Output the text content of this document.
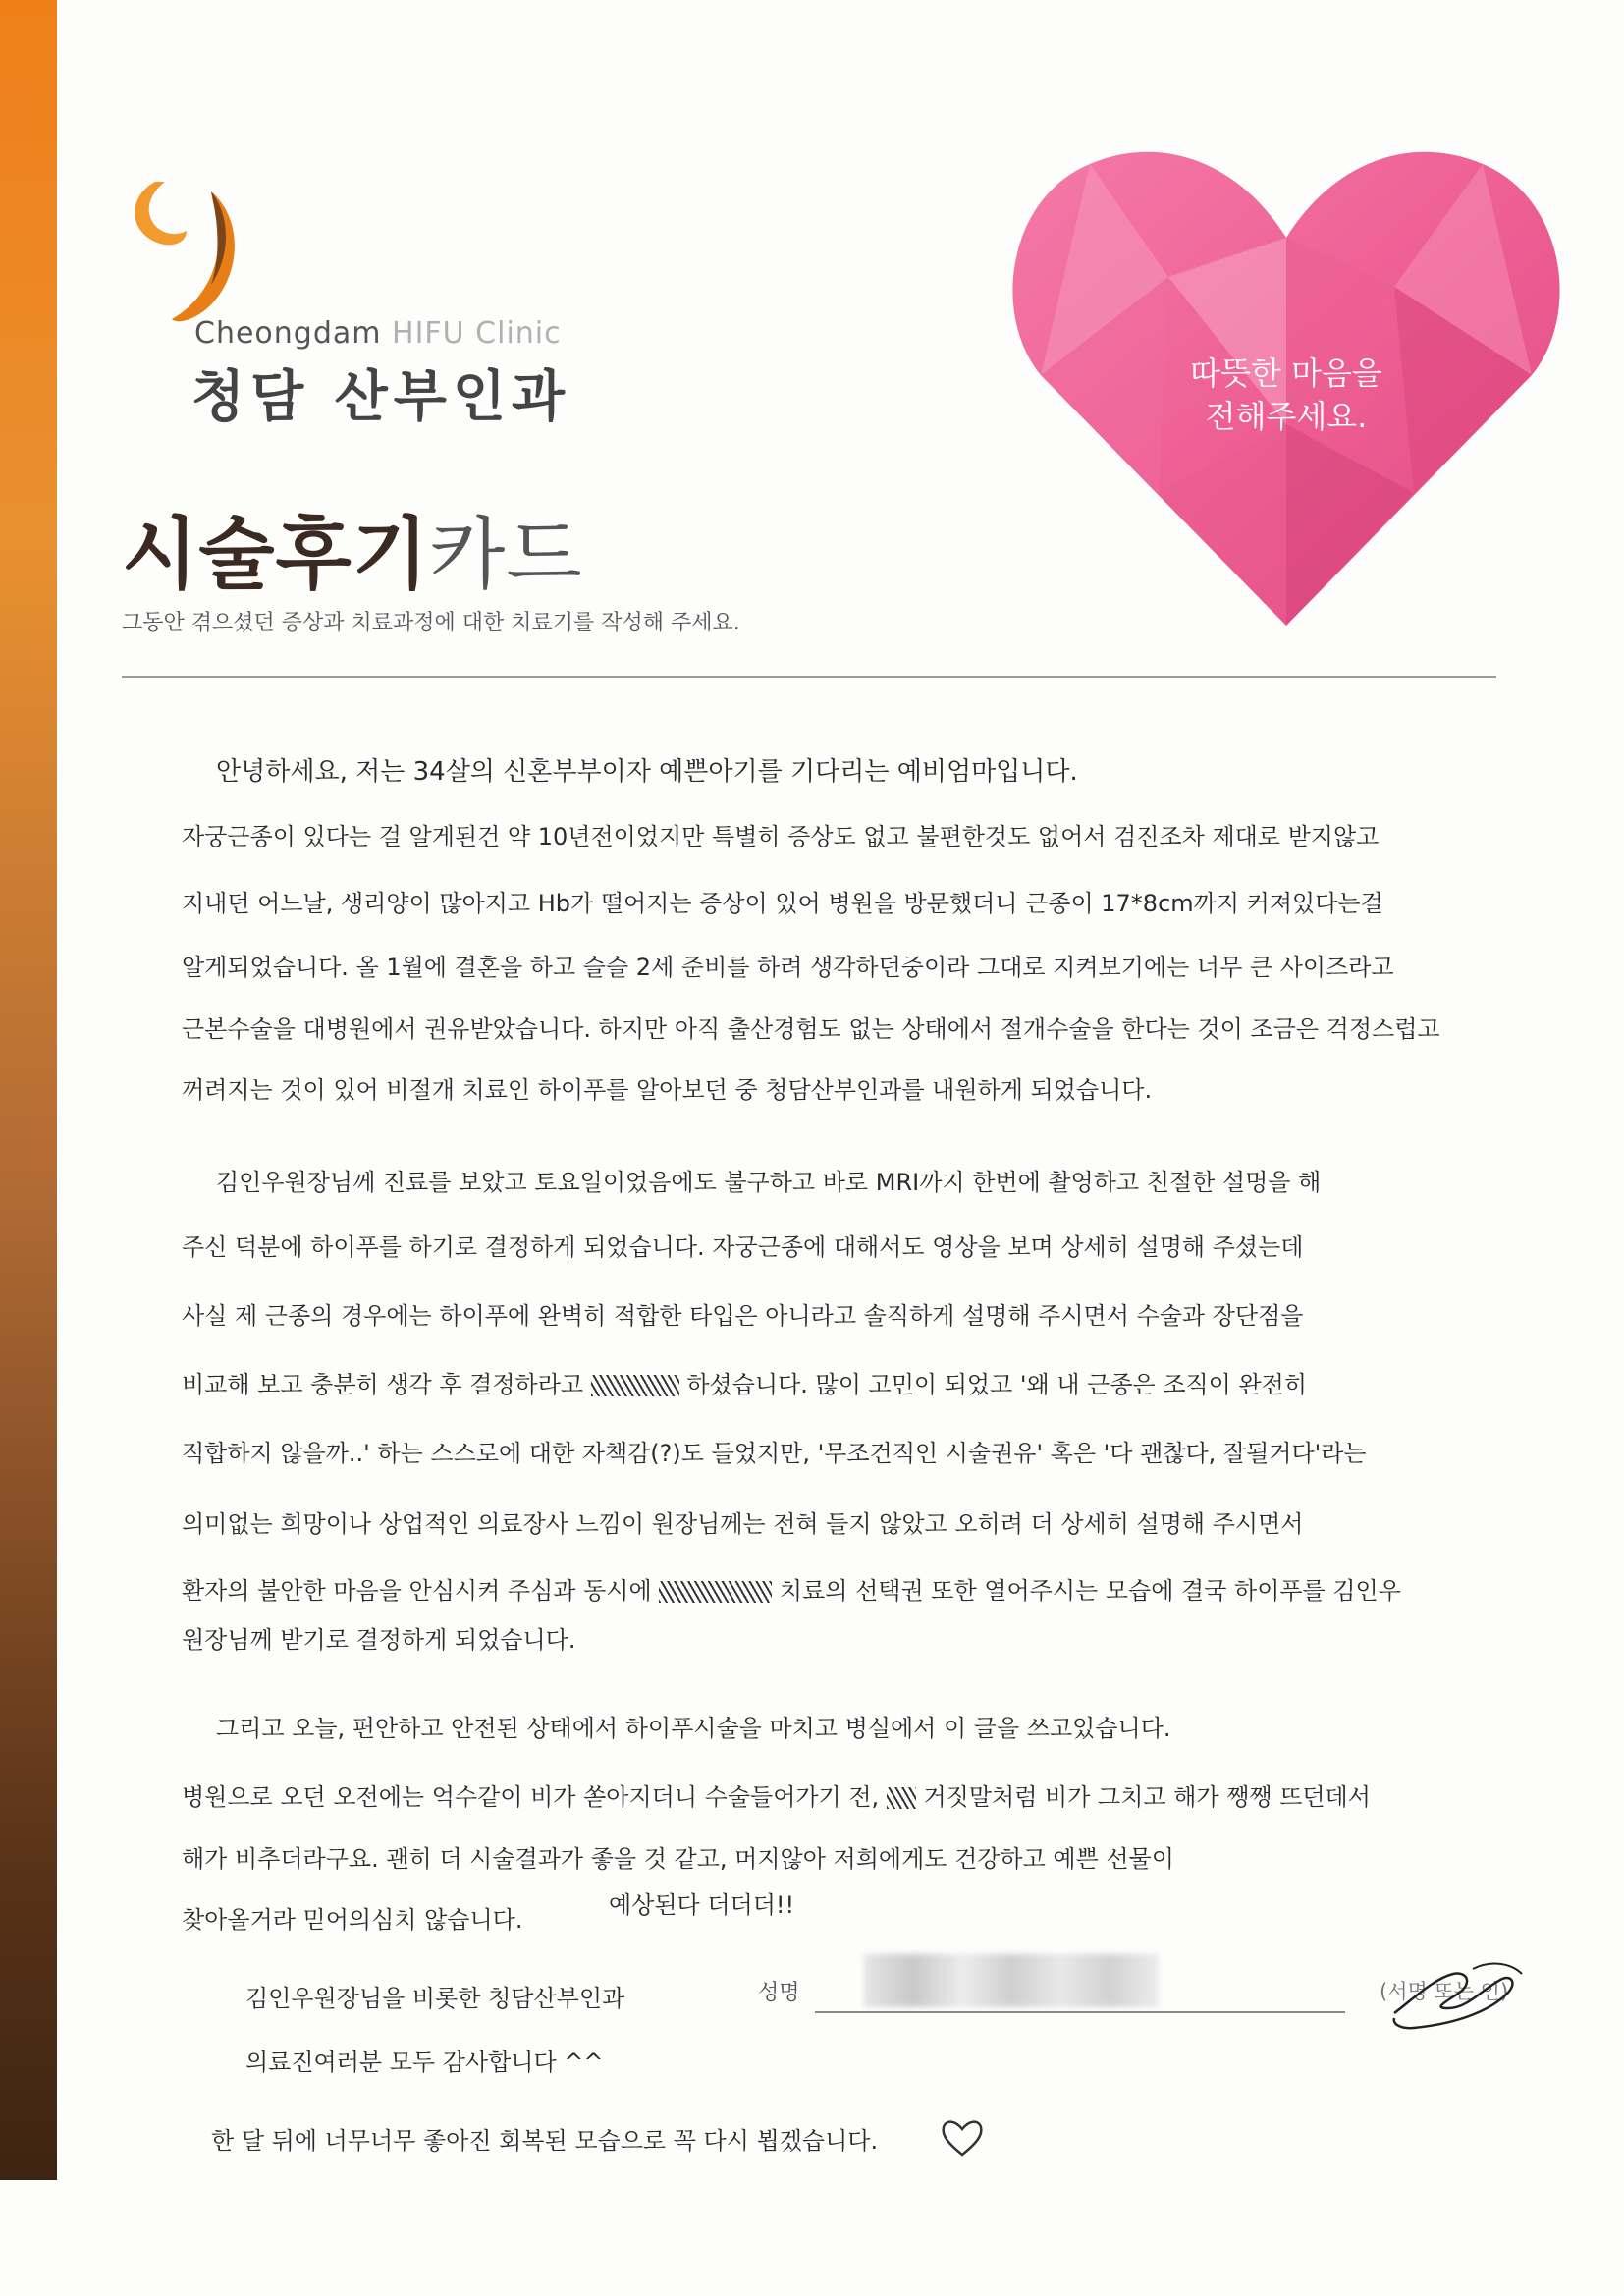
Cheongdam HIFU Clinic
청담 산부인과
시술후기카드
그동안 겪으셨던 증상과 치료과정에 대한 치료기를 작성해 주세요.
따뜻한 마음을
전해주세요.
안녕하세요, 저는 34살의 신혼부부이자 예쁜아기를 기다리는 예비엄마입니다.
자궁근종이 있다는 걸 알게된건 약 10년전이었지만 특별히 증상도 없고 불편한것도 없어서 검진조차 제대로 받지않고
지내던 어느날, 생리양이 많아지고 Hb가 떨어지는 증상이 있어 병원을 방문했더니 근종이 17*8cm까지 커져있다는걸
알게되었습니다. 올 1월에 결혼을 하고 슬슬 2세 준비를 하려 생각하던중이라 그대로 지켜보기에는 너무 큰 사이즈라고
근본수술을 대병원에서 권유받았습니다. 하지만 아직 출산경험도 없는 상태에서 절개수술을 한다는 것이 조금은 걱정스럽고
꺼려지는 것이 있어 비절개 치료인 하이푸를 알아보던 중 청담산부인과를 내원하게 되었습니다.
김인우원장님께 진료를 보았고 토요일이었음에도 불구하고 바로 MRI까지 한번에 촬영하고 친절한 설명을 해
주신 덕분에 하이푸를 하기로 결정하게 되었습니다. 자궁근종에 대해서도 영상을 보며 상세히 설명해 주셨는데
사실 제 근종의 경우에는 하이푸에 완벽히 적합한 타입은 아니라고 솔직하게 설명해 주시면서 수술과 장단점을
비교해 보고 충분히 생각 후 결정하라고	하셨습니다. 많이 고민이 되었고 '왜 내 근종은 조직이 완전히
적합하지 않을까..' 하는 스스로에 대한 자책감(?)도 들었지만, '무조건적인 시술권유' 혹은 '다 괜찮다, 잘될거다'라는
의미없는 희망이나 상업적인 의료장사 느낌이 원장님께는 전혀 들지 않았고 오히려 더 상세히 설명해 주시면서
환자의 불안한 마음을 안심시켜 주심과 동시에	치료의 선택권 또한 열어주시는 모습에 결국 하이푸를 김인우
원장님께 받기로 결정하게 되었습니다.
그리고 오늘, 편안하고 안전된 상태에서 하이푸시술을 마치고 병실에서 이 글을 쓰고있습니다.
병원으로 오던 오전에는 억수같이 비가 쏟아지더니 수술들어가기 전, 거짓말처럼 비가 그치고 해가 쨍쨍 뜨던데서
해가 비추더라구요. 괜히 더 시술결과가 좋을 것 같고, 머지않아 저희에게도 건강하고 예쁜 선물이
찾아올거라 믿어의심치 않습니다.
예상된다 더더더!!
김인우원장님을 비롯한 청담산부인과
의료진여러분 모두 감사합니다 ^^
한 달 뒤에 너무너무 좋아진 회복된 모습으로 꼭 다시 뵙겠습니다.
성명	(서명 또는 인)
